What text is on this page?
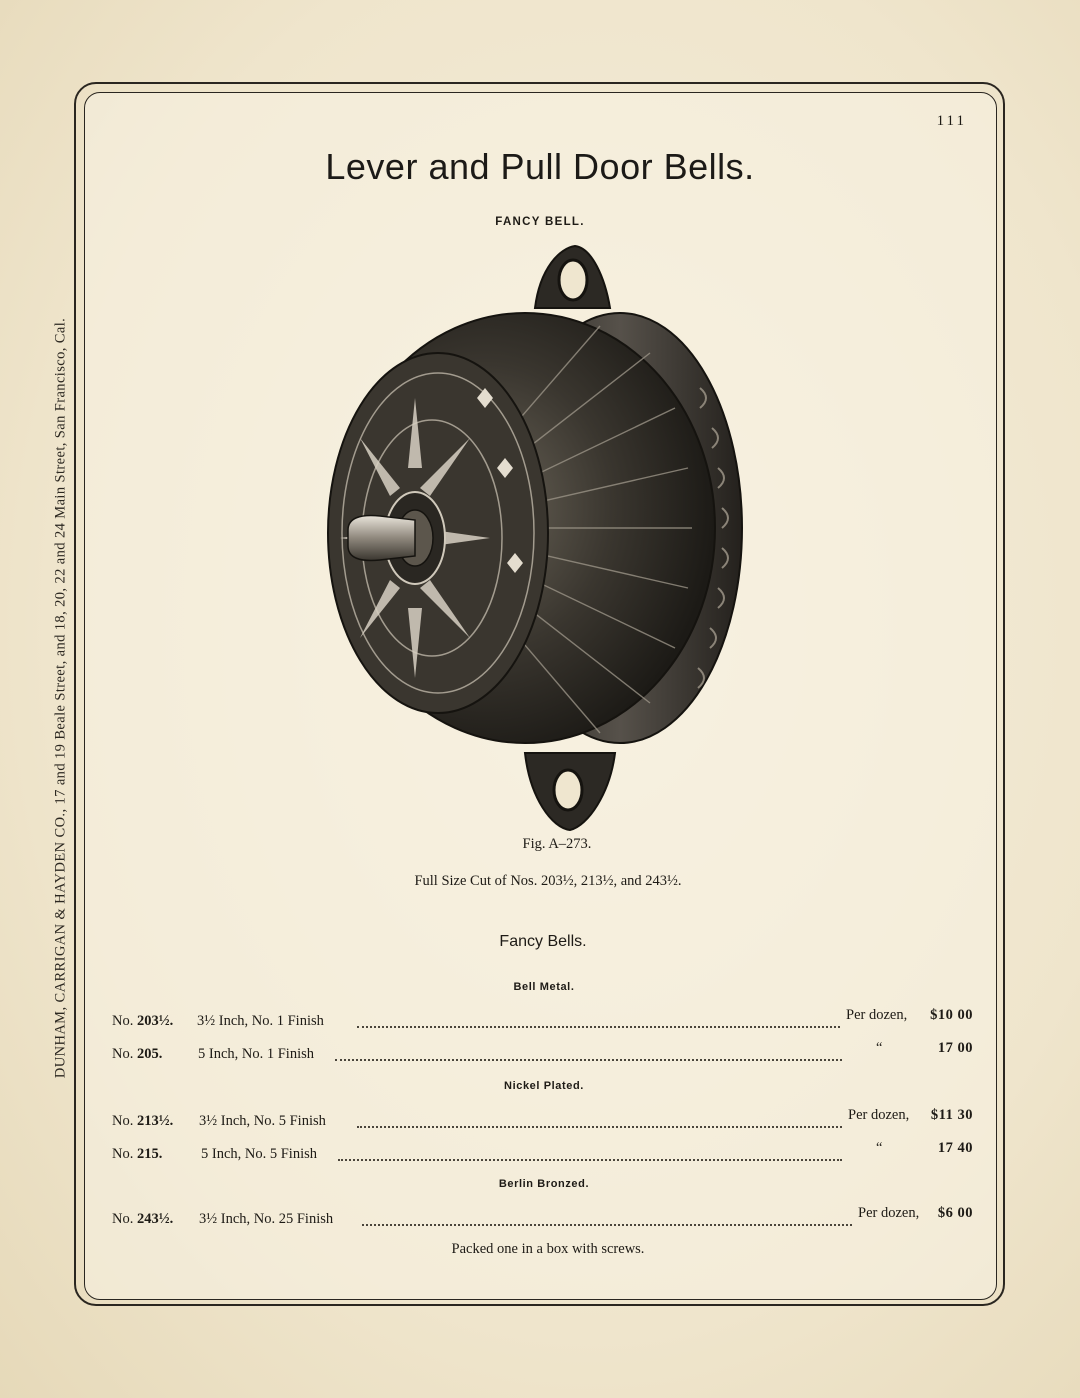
DUNHAM, CARRIGAN & HAYDEN CO., 17 and 19 Beale Street, and 18, 20, 22 and 24 Main Street, San Francisco, Cal.
111
Lever and Pull Door Bells.
FANCY BELL.
Fig. A–273.
Full Size Cut of Nos. 203½, 213½, and 243½.
Fancy Bells.
Bell Metal.
No. 203½. 3½ Inch, No. 1 Finish	Per dozen, $10 00
No. 205. 5 Inch, No. 1 Finish	“	17 00
Nickel Plated.
No. 213½. 3½ Inch, No. 5 Finish	Per dozen, $11 30
No. 215.	5 Inch, No. 5 Finish	“	17 40
Berlin Bronzed.
No. 243½. 3½ Inch, No. 25 Finish	Per dozen, $6 00
Packed one in a box with screws.
